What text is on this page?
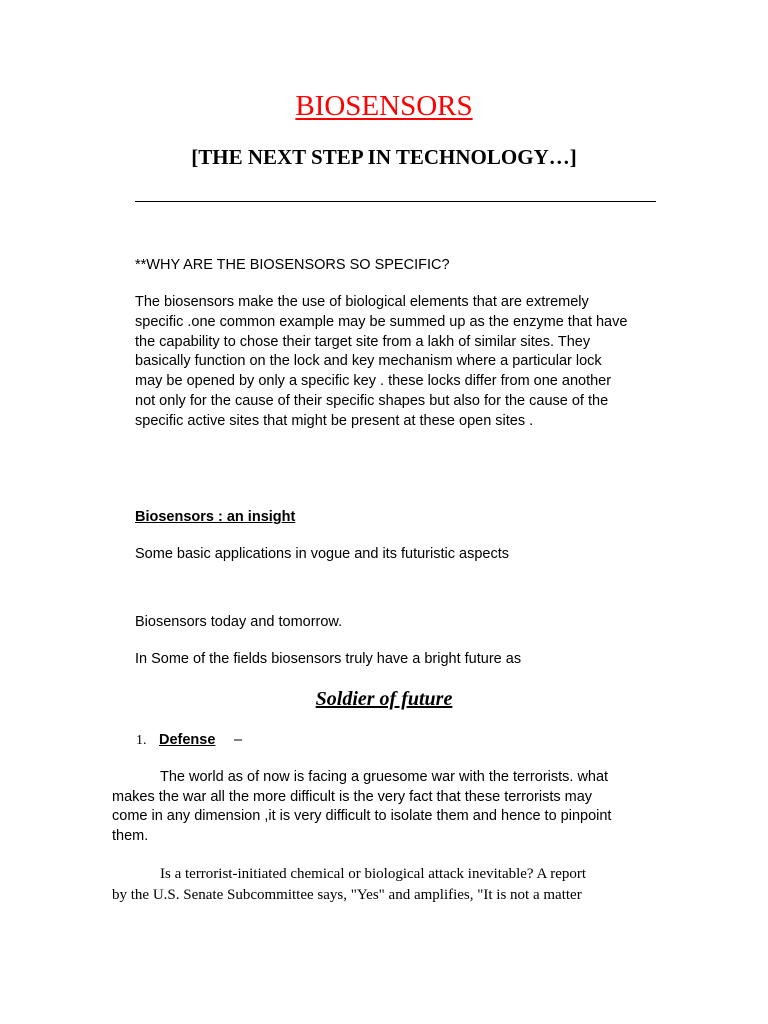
BIOSENSORS
[THE NEXT STEP IN TECHNOLOGY…]
**WHY ARE THE BIOSENSORS SO SPECIFIC?
The biosensors make the use of biological elements that are extremely
specific .one common example may be summed up as the enzyme that have
the capability to chose their target site from a lakh of similar sites. They
basically function on the lock and key mechanism where a particular lock
may be opened by only a specific key . these locks differ from one another
not only for the cause of their specific shapes but also for the cause of the
specific active sites that might be present at these open sites .
Biosensors : an insight
Some basic applications in vogue and its futuristic aspects
Biosensors today and tomorrow.
In Some of the fields biosensors truly have a bright future as
Soldier of future
1. Defense –
The world as of now is facing a gruesome war with the terrorists. what
makes the war all the more difficult is the very fact that these terrorists may
come in any dimension ,it is very difficult to isolate them and hence to pinpoint
them.
Is a terrorist-initiated chemical or biological attack inevitable? A report
by the U.S. Senate Subcommittee says, "Yes" and amplifies, "It is not a matter
